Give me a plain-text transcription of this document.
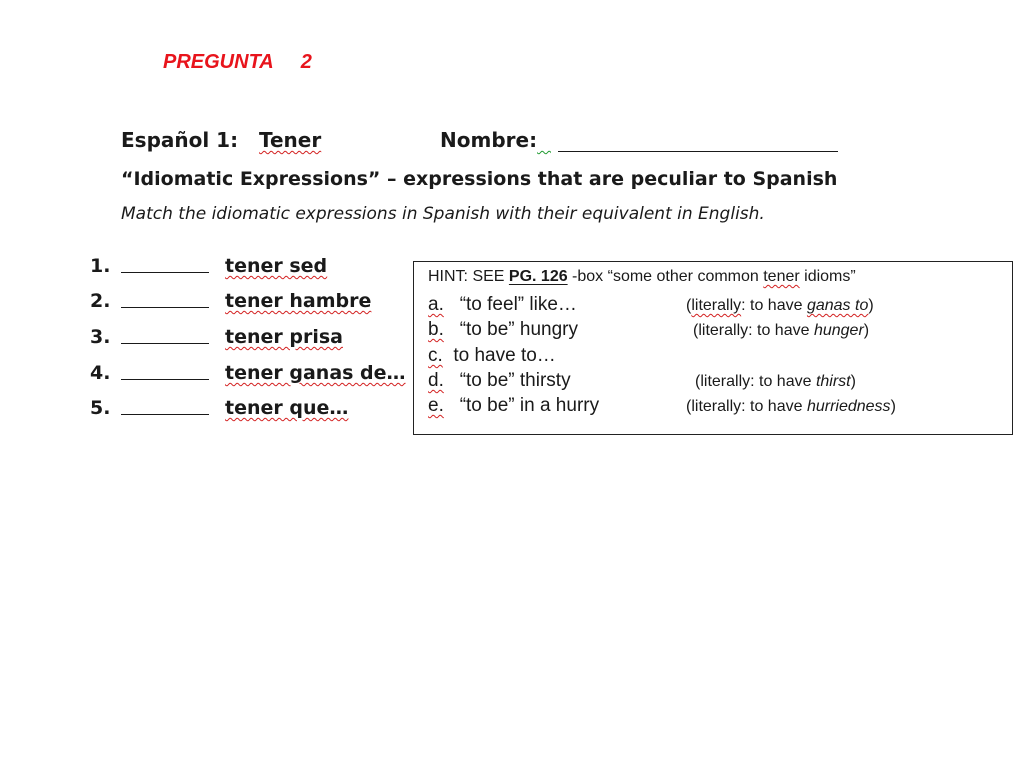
PREGUNTA     2
Español 1: Tener	Nombre:
“Idiomatic Expressions” – expressions that are peculiar to Spanish
Match the idiomatic expressions in Spanish with their equivalent in English.
1.	tener sed
2.	tener hambre
3.	tener prisa
4.	tener ganas de…
5.	tener que…
HINT: SEE PG. 126 -box “some other common tener idioms”
a. “to feel” like…	(literally: to have ganas to)
b. “to be” hungry	(literally: to have hunger)
c. to have to…
d. “to be” thirsty	(literally: to have thirst)
e. “to be” in a hurry	(literally: to have hurriedness)
